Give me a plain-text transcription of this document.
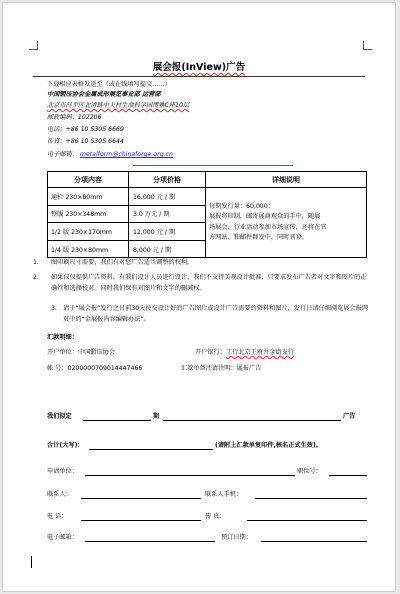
展会报(InView)广告
下载相应表格发送至（或在线填写提交……）
中国锻压协会金属成形展览事业部 运营部
北京市昌平区北清路中关村生命科学园博雅C座10层
邮政编码：102206
电话：+86 10 5305 6669
传真：+86 10 5305 6644
电子邮箱： metalform@chinaforge.org.cn
分项内容	分项价格	详细说明
通栏 230×80mm	16,000 元 / 期	每期发行量：60,000；
展报将印制，邮寄展商观众的手中，随展
场展会、行业活动参加市场宣传，还将在官
方网站、和邮件群发中，同时刊登。

整版 230×348mm	3.0 万元 / 期	
1/2 版 230×170mm	12,000 元 / 期	
1/4 版 230×80mm	8,000 元 / 期	
1. 图印刷尺寸需要，我们有对您广告适当调整的权利。
2. 如果仅仅提供广告资料，有我们设计人员进行设计，我们不支持美观设计批准，只要求发布广告者对文字和图片的正确性和选择校对。同时我们保有对图片和文字的删减权。
3. 请于“展会报”发行之日前30天按交设计好的广告图片或设计广告需要的资料和图片，发行日请仔细浏览展会报网页中的“金展报内容编辑办法”。
汇款明细：
开户单位：中国锻压协会	开户银行：工行北京王府井金街支行
帐 号：0200000709014447466	汇款单备注请注明：展报广告
我们拟定	期	广告
合计(大写)：	(请附上汇款单复印件,核名正式生效)。
申请单位：	职位号：
联系人：	联系人手机：
电 话：	传 真：
电子邮箱：	预订日期：
